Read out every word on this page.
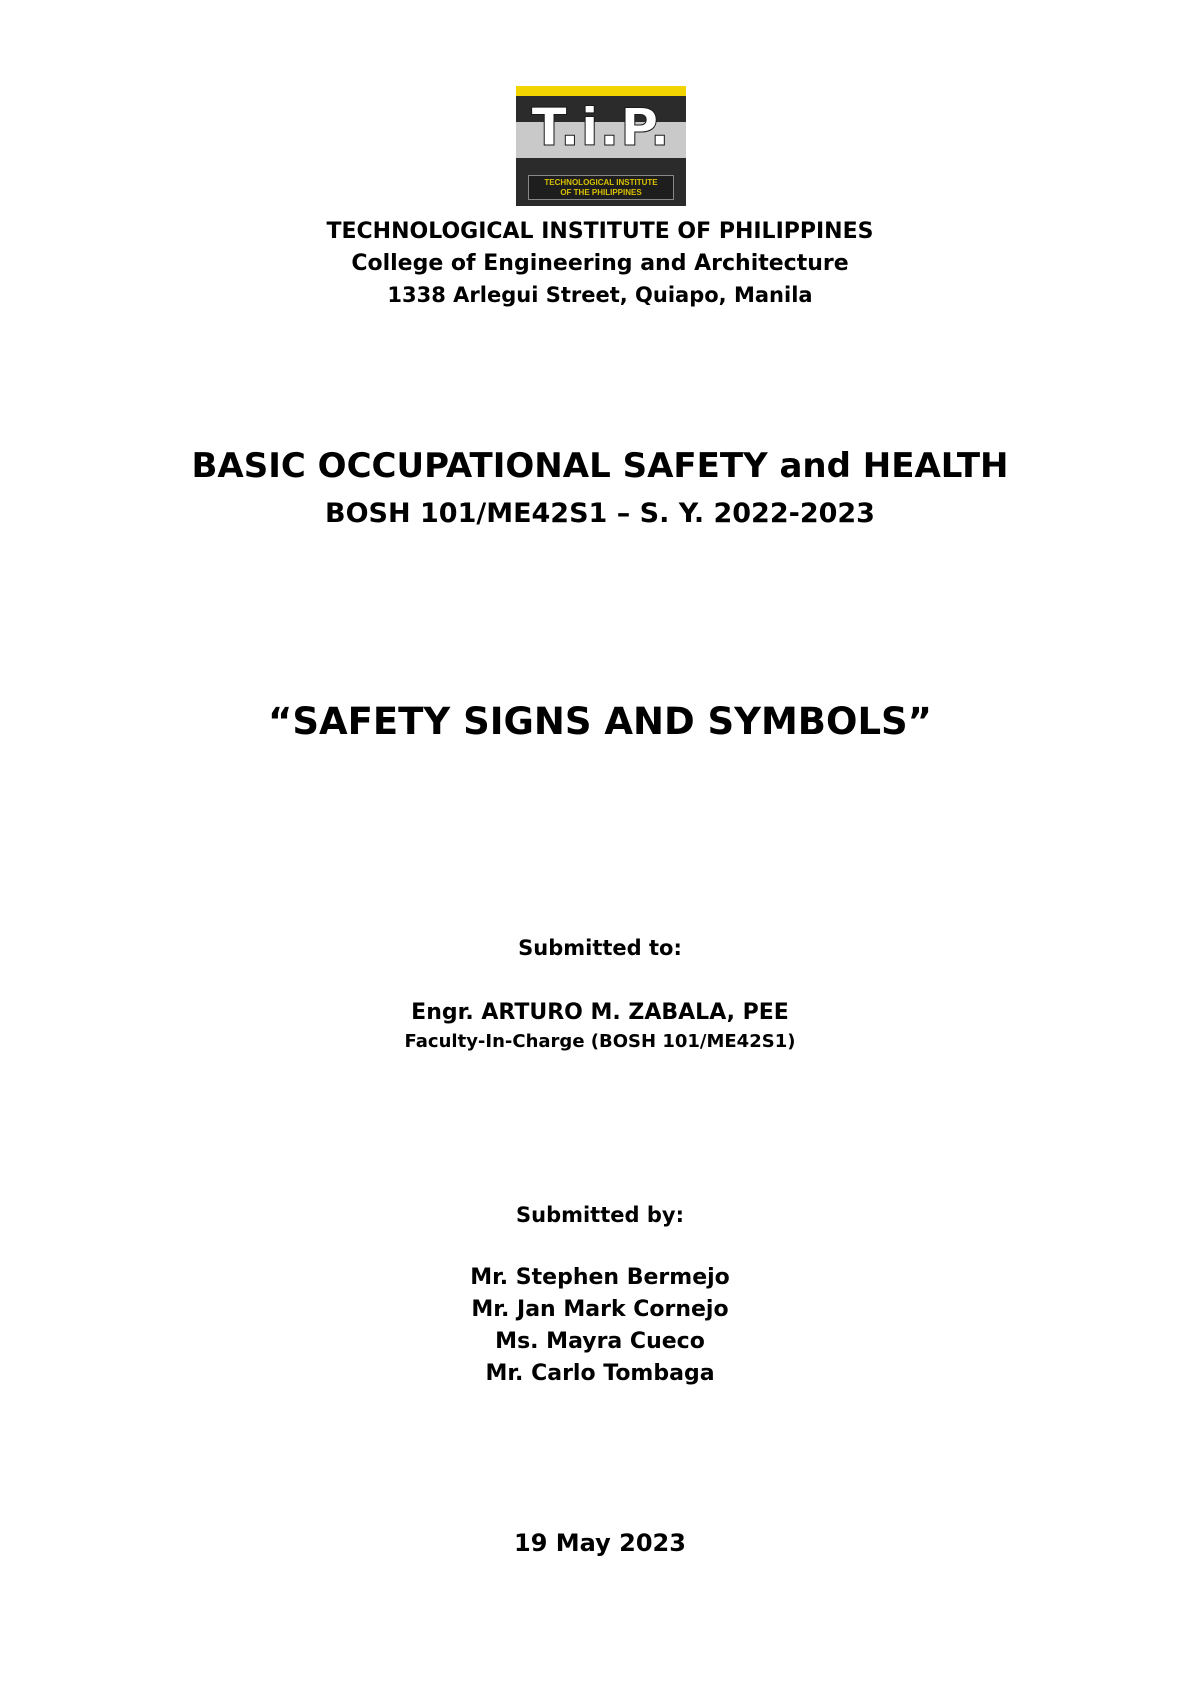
T.i.P.
TECHNOLOGICAL INSTITUTE
OF THE PHILIPPINES
TECHNOLOGICAL INSTITUTE OF PHILIPPINES
College of Engineering and Architecture
1338 Arlegui Street, Quiapo, Manila
BASIC OCCUPATIONAL SAFETY and HEALTH
BOSH 101/ME42S1 – S. Y. 2022-2023
“SAFETY SIGNS AND SYMBOLS”
Submitted to:
Engr. ARTURO M. ZABALA, PEE
Faculty-In-Charge (BOSH 101/ME42S1)
Submitted by:
Mr. Stephen Bermejo
Mr. Jan Mark Cornejo
Ms. Mayra Cueco
Mr. Carlo Tombaga
19 May 2023
